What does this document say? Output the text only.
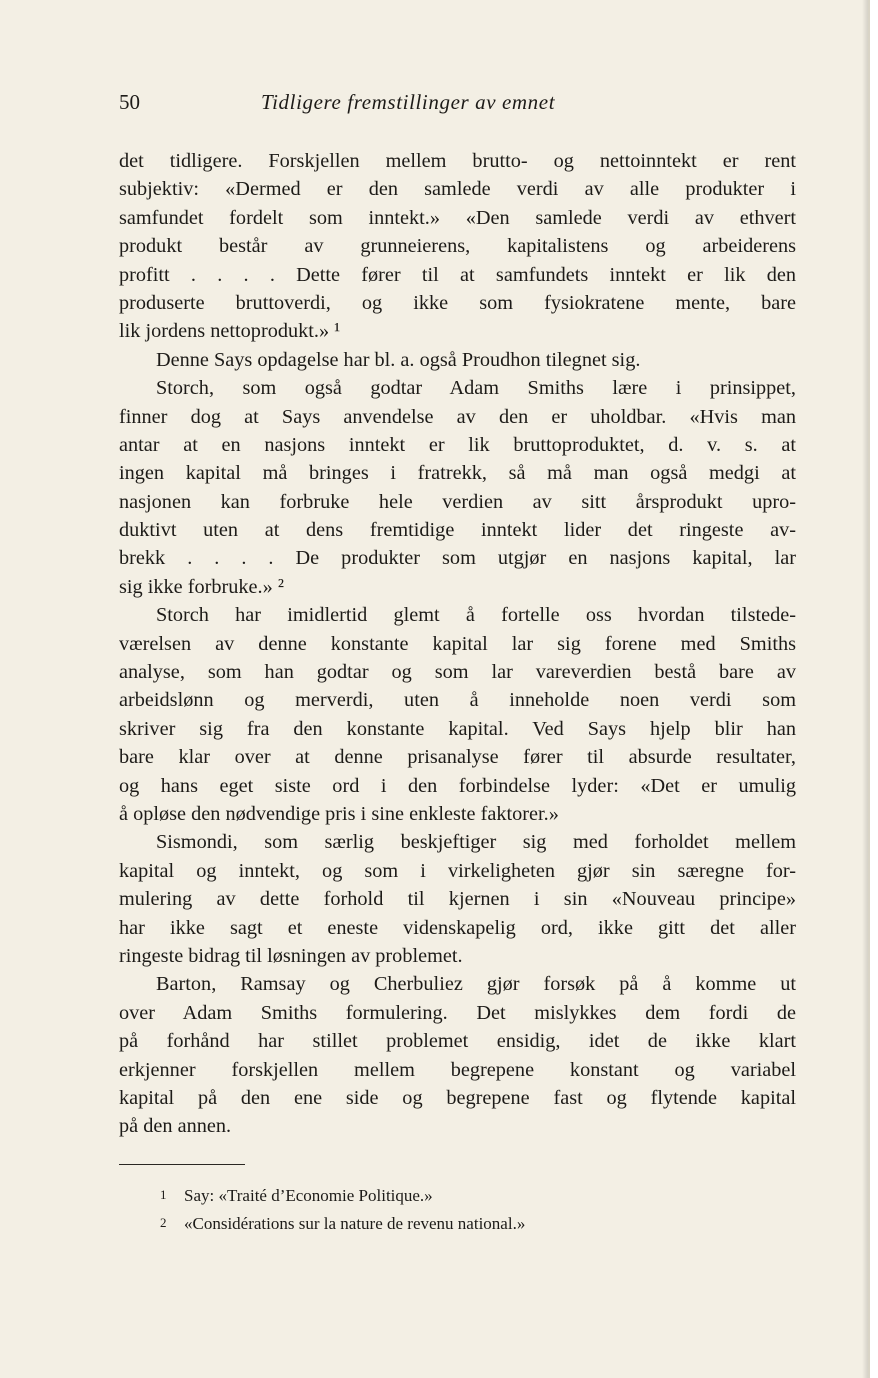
50	Tidligere fremstillinger av emnet
det tidligere. Forskjellen mellem brutto- og nettoinntekt er rent
subjektiv: «Dermed er den samlede verdi av alle produkter i
samfundet fordelt som inntekt.» «Den samlede verdi av ethvert
produkt består av grunneierens, kapitalistens og arbeiderens
profitt . . . . Dette fører til at samfundets inntekt er lik den
produserte bruttoverdi, og ikke som fysiokratene mente, bare
lik jordens nettoprodukt.» ¹
Denne Says opdagelse har bl. a. også Proudhon tilegnet sig.
Storch, som også godtar Adam Smiths lære i prinsippet,
finner dog at Says anvendelse av den er uholdbar. «Hvis man
antar at en nasjons inntekt er lik bruttoproduktet, d. v. s. at
ingen kapital må bringes i fratrekk, så må man også medgi at
nasjonen kan forbruke hele verdien av sitt årsprodukt upro-
duktivt uten at dens fremtidige inntekt lider det ringeste av-
brekk . . . . De produkter som utgjør en nasjons kapital, lar
sig ikke forbruke.» ²
Storch har imidlertid glemt å fortelle oss hvordan tilstede-
værelsen av denne konstante kapital lar sig forene med Smiths
analyse, som han godtar og som lar vareverdien bestå bare av
arbeidslønn og merverdi, uten å inneholde noen verdi som
skriver sig fra den konstante kapital. Ved Says hjelp blir han
bare klar over at denne prisanalyse fører til absurde resultater,
og hans eget siste ord i den forbindelse lyder: «Det er umulig
å opløse den nødvendige pris i sine enkleste faktorer.»
Sismondi, som særlig beskjeftiger sig med forholdet mellem
kapital og inntekt, og som i virkeligheten gjør sin særegne for-
mulering av dette forhold til kjernen i sin «Nouveau principe»
har ikke sagt et eneste videnskapelig ord, ikke gitt det aller
ringeste bidrag til løsningen av problemet.
Barton, Ramsay og Cherbuliez gjør forsøk på å komme ut
over Adam Smiths formulering. Det mislykkes dem fordi de
på forhånd har stillet problemet ensidig, idet de ikke klart
erkjenner forskjellen mellem begrepene konstant og variabel
kapital på den ene side og begrepene fast og flytende kapital
på den annen.
1 Say: «Traité d’Economie Politique.»
2 «Considérations sur la nature de revenu national.»
